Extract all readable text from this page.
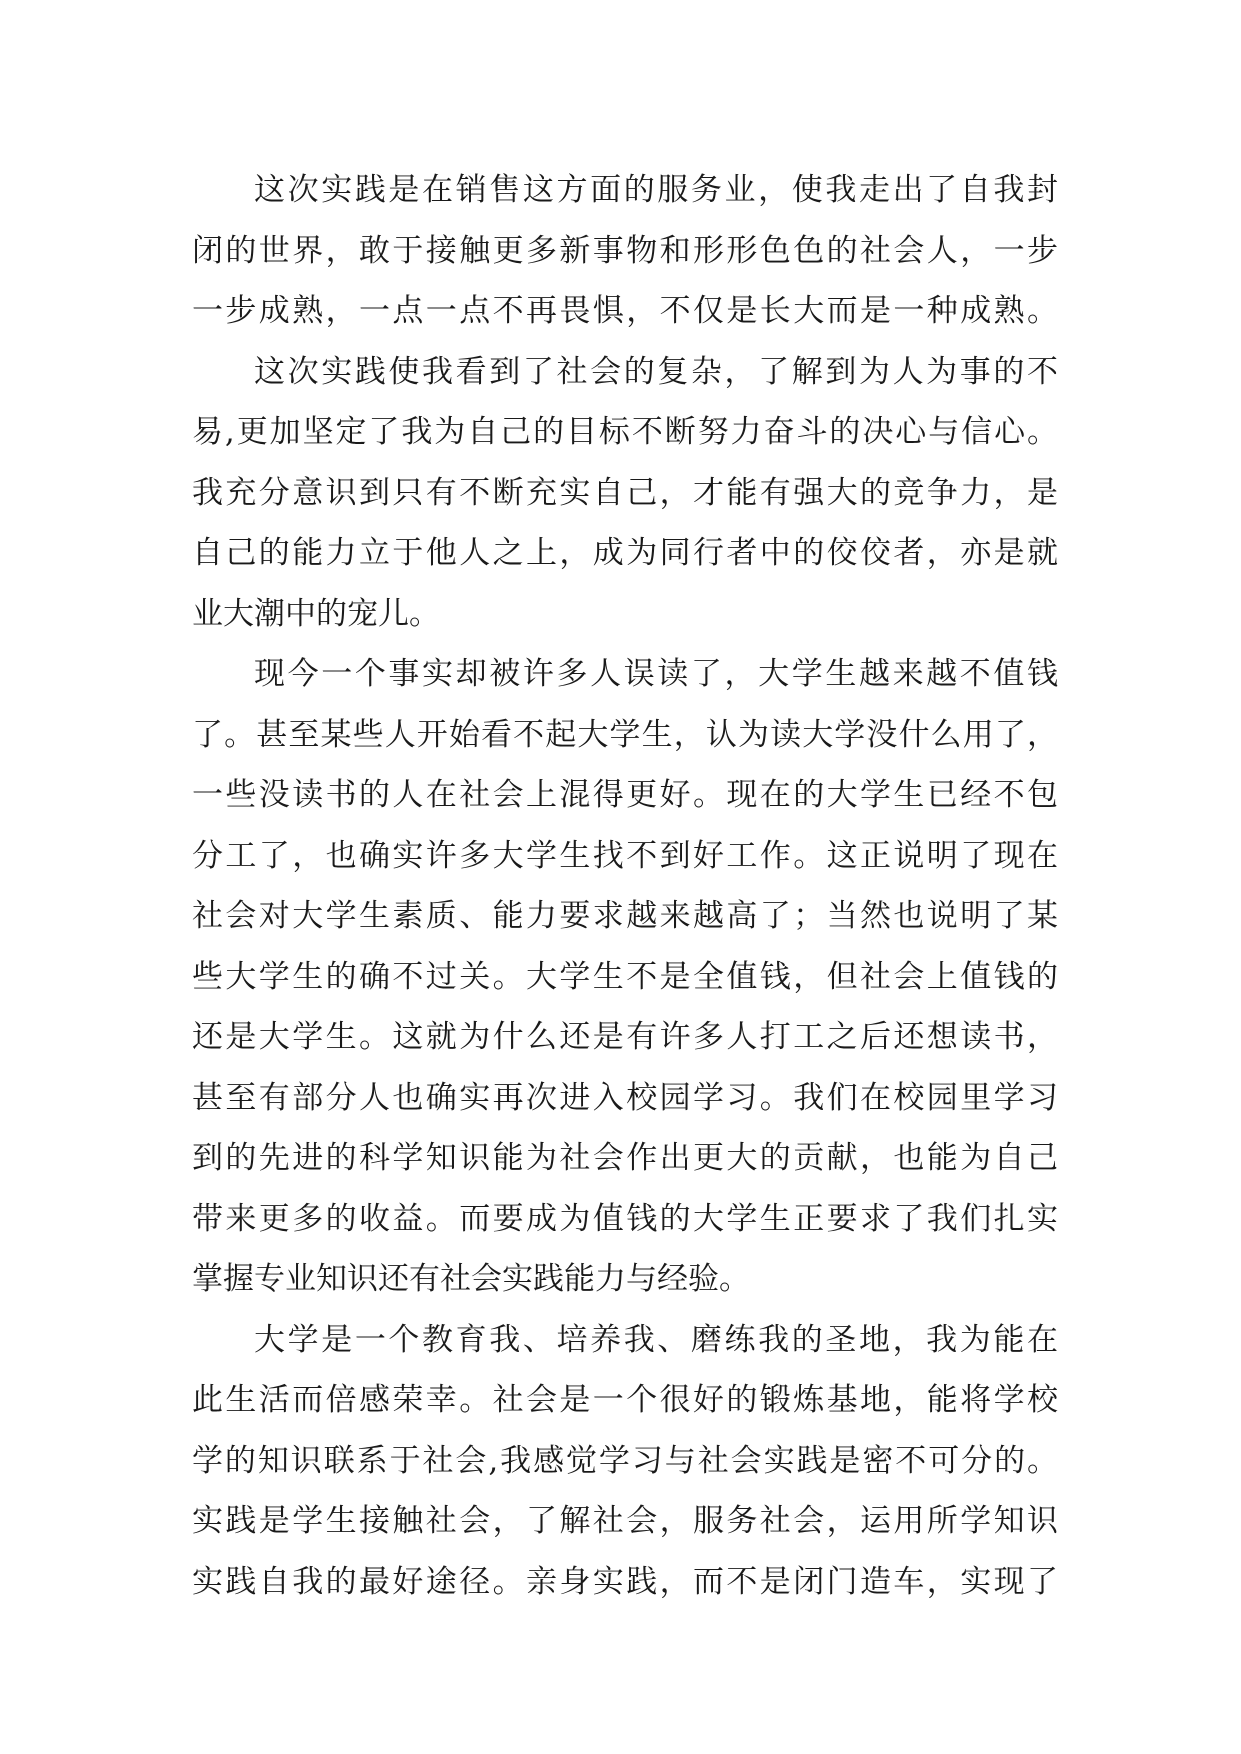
这次实践是在销售这方面的服务业，使我走出了自我封
闭的世界，敢于接触更多新事物和形形色色的社会人，一步
一步成熟，一点一点不再畏惧，不仅是长大而是一种成熟。
这次实践使我看到了社会的复杂，了解到为人为事的不
易,更加坚定了我为自己的目标不断努力奋斗的决心与信心。
我充分意识到只有不断充实自己，才能有强大的竞争力，是
自己的能力立于他人之上，成为同行者中的佼佼者，亦是就
业大潮中的宠儿。
现今一个事实却被许多人误读了，大学生越来越不值钱
了。甚至某些人开始看不起大学生，认为读大学没什么用了，
一些没读书的人在社会上混得更好。现在的大学生已经不包
分工了，也确实许多大学生找不到好工作。这正说明了现在
社会对大学生素质、能力要求越来越高了；当然也说明了某
些大学生的确不过关。大学生不是全值钱，但社会上值钱的
还是大学生。这就为什么还是有许多人打工之后还想读书，
甚至有部分人也确实再次进入校园学习。我们在校园里学习
到的先进的科学知识能为社会作出更大的贡献，也能为自己
带来更多的收益。而要成为值钱的大学生正要求了我们扎实
掌握专业知识还有社会实践能力与经验。
大学是一个教育我、培养我、磨练我的圣地，我为能在
此生活而倍感荣幸。社会是一个很好的锻炼基地，能将学校
学的知识联系于社会,我感觉学习与社会实践是密不可分的。
实践是学生接触社会，了解社会，服务社会，运用所学知识
实践自我的最好途径。亲身实践，而不是闭门造车，实现了
